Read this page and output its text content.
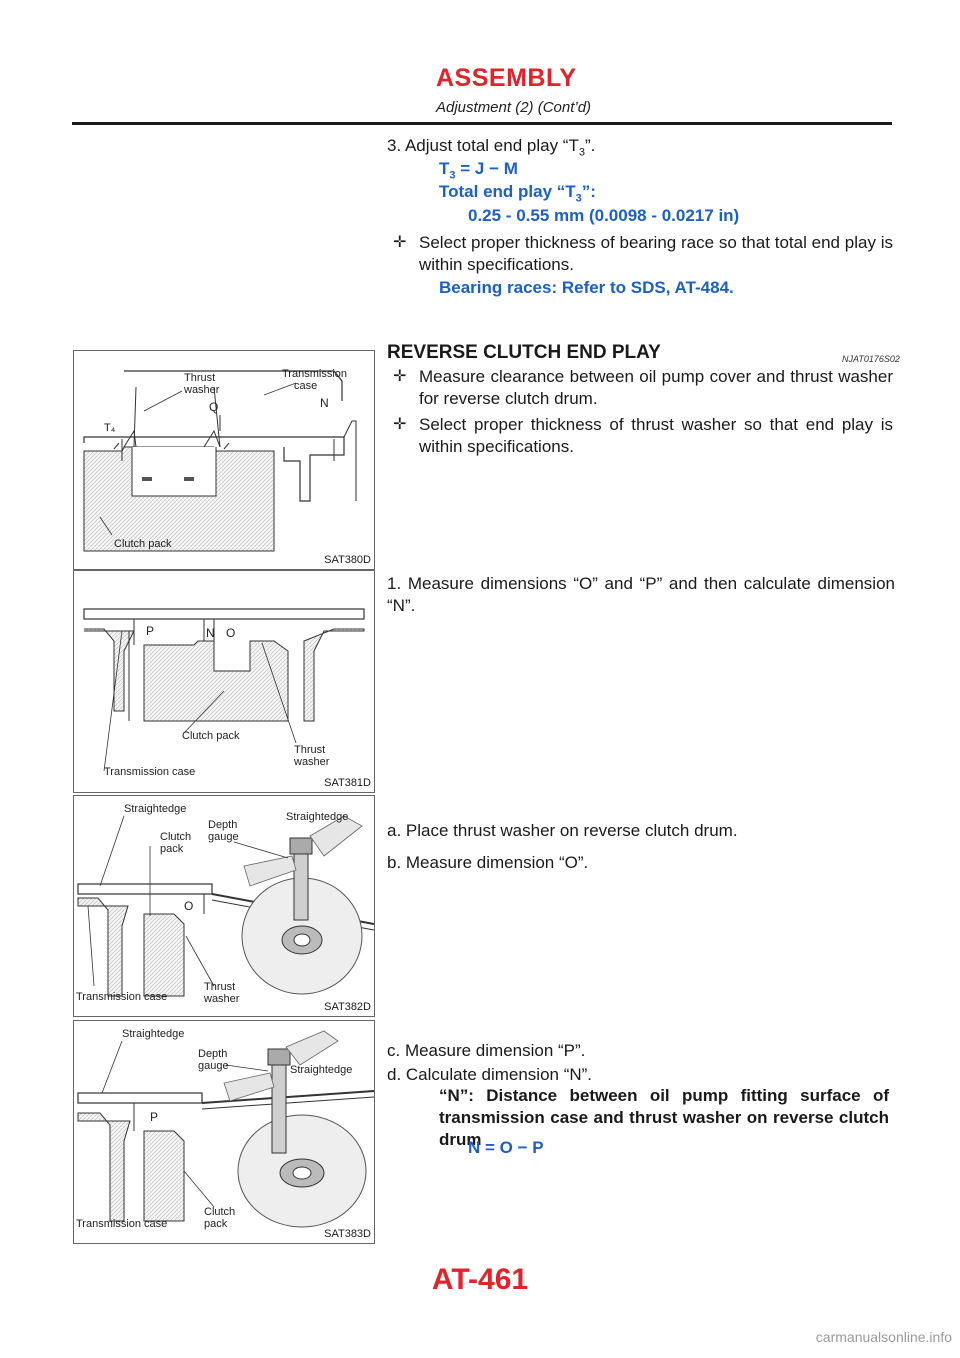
ASSEMBLY
Adjustment (2) (Cont’d)
3. Adjust total end play “$T_3$”.
$T_3 = J - M$
Total end play “$T_3$”:
0.25 - 0.55 mm (0.0098 - 0.0217 in)
✛ Select proper thickness of bearing race so that total end play is within specifications.
Bearing races: Refer to SDS, AT-484.
REVERSE CLUTCH END PLAY	NJAT0176S02
✛ Measure clearance between oil pump cover and thrust washer for reverse clutch drum.
✛ Select proper thickness of thrust washer so that end play is within specifications.
1. Measure dimensions “O” and “P” and then calculate dimension “N”.
a. Place thrust washer on reverse clutch drum.
b. Measure dimension “O”.
c. Measure dimension “P”.
d. Calculate dimension “N”.
“N”: Distance between oil pump fitting surface of transmission case and thrust washer on reverse clutch drum
N = O − P
Thrust
washer
Transmission
case
Q	N
T₄
Clutch pack
SAT380D
P	N O
Clutch pack
Thrust
washer
Transmission case
SAT381D
Straightedge
Straightedge
Clutch
pack
Depth
gauge
O
Transmission case
Thrust
washer
SAT382D
Straightedge
Straightedge
Depth
gauge
P
Transmission case
Clutch
pack
SAT383D
AT-461
carmanualsonline.info
